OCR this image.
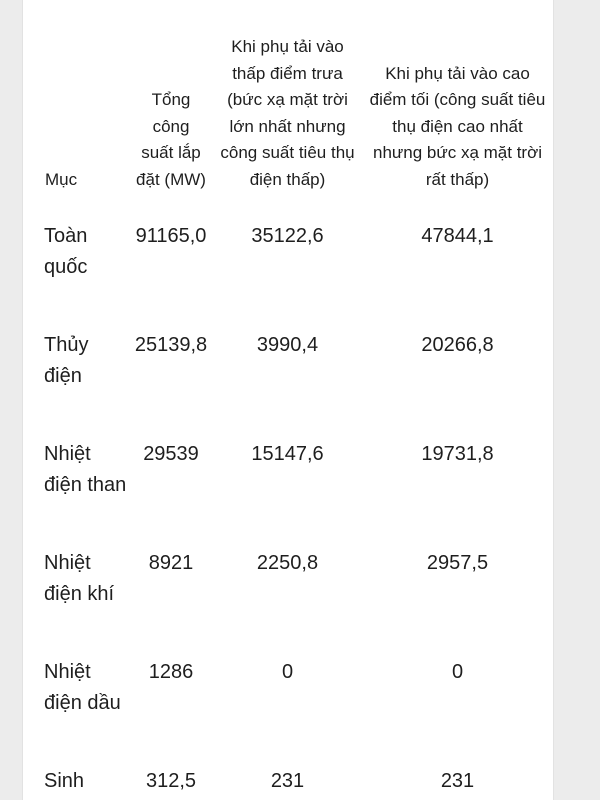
Mục	Tổng công suất lắp đặt (MW)	Khi phụ tải vào thấp điểm trưa (bức xạ mặt trời lớn nhất nhưng công suất tiêu thụ điện thấp)	Khi phụ tải vào cao điểm tối (công suất tiêu thụ điện cao nhất nhưng bức xạ mặt trời rất thấp)
Toàn quốc	91165,0	35122,6	47844,1
Thủy điện	25139,8	3990,4	20266,8
Nhiệt điện than	29539	15147,6	19731,8
Nhiệt điện khí	8921	2250,8	2957,5
Nhiệt điện dầu	1286	0	0
Sinh	312,5	231	231
